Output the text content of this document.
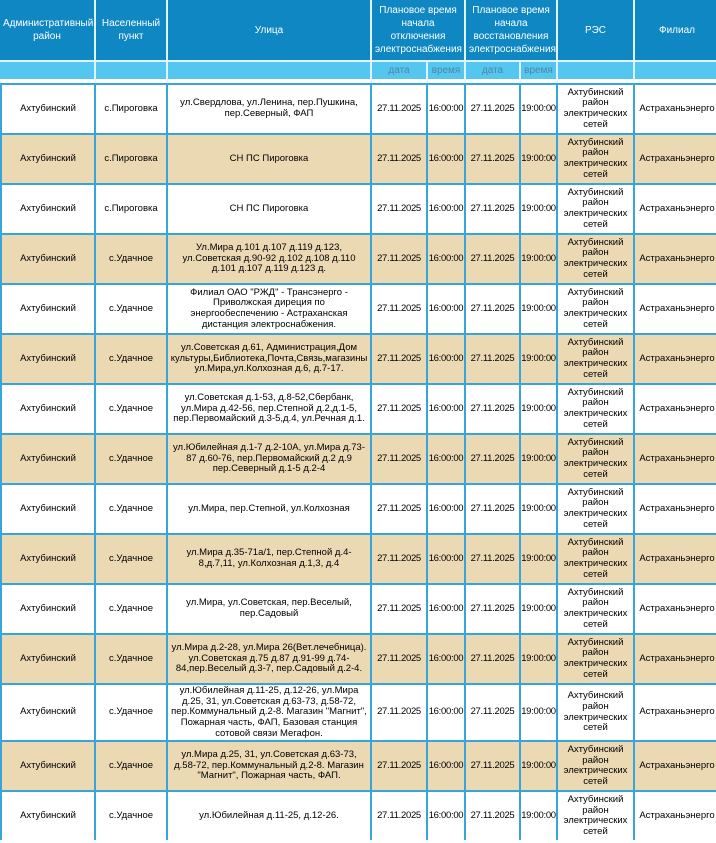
Административный район	Населенный пункт	Улица	Плановое время начала отключения электроснабжения		Плановое время начала восстановления электроснабжения		РЭС	Филиал
			дата	время	дата	время		
Ахтубинский	с.Пироговка	ул.Свердлова, ул.Ленина, пер.Пушкина, пер.Северный, ФАП	27.11.2025	16:00:00	27.11.2025	19:00:00	Ахтубинский район электрических сетей	Астраханьэнерго
Ахтубинский	с.Пироговка	СН ПС Пироговка	27.11.2025	16:00:00	27.11.2025	19:00:00	Ахтубинский район электрических сетей	Астраханьэнерго
Ахтубинский	с.Пироговка	СН ПС Пироговка	27.11.2025	16:00:00	27.11.2025	19:00:00	Ахтубинский район электрических сетей	Астраханьэнерго
Ахтубинский	с.Удачное	Ул.Мира д.101 д.107 д.119 д.123, ул.Советская д.90-92 д.102 д.108 д.110 д.101 д.107 д.119 д.123 д.	27.11.2025	16:00:00	27.11.2025	19:00:00	Ахтубинский район электрических сетей	Астраханьэнерго
Ахтубинский	с.Удачное	Филиал ОАО "РЖД" - Трансэнерго - Приволжская диреция по энергообеспечению - Астраханская дистанция электроснабжения.	27.11.2025	16:00:00	27.11.2025	19:00:00	Ахтубинский район электрических сетей	Астраханьэнерго
Ахтубинский	с.Удачное	ул.Советская д.61, Администрация,Дом культуры,Библиотека,Почта,Связь,магазины ул.Мира,ул.Колхозная д.6, д.7-17.	27.11.2025	16:00:00	27.11.2025	19:00:00	Ахтубинский район электрических сетей	Астраханьэнерго
Ахтубинский	с.Удачное	ул.Советская д.1-53, д.8-52,Сбербанк, ул.Мира д.42-56, пер.Степной д.2,д.1-5, пер.Первомайский д.3-5,д.4, ул.Речная д.1.	27.11.2025	16:00:00	27.11.2025	19:00:00	Ахтубинский район электрических сетей	Астраханьэнерго
Ахтубинский	с.Удачное	ул.Юбилейная д.1-7 д.2-10А, ул.Мира д.73-87 д.60-76, пер.Первомайский д.2 д.9 пер.Северный д.1-5 д.2-4	27.11.2025	16:00:00	27.11.2025	19:00:00	Ахтубинский район электрических сетей	Астраханьэнерго
Ахтубинский	с.Удачное	ул.Мира, пер.Степной, ул.Колхозная	27.11.2025	16:00:00	27.11.2025	19:00:00	Ахтубинский район электрических сетей	Астраханьэнерго
Ахтубинский	с.Удачное	ул.Мира д.35-71а/1, пер.Степной д.4-8,д.7,11, ул.Колхозная д.1,3, д.4	27.11.2025	16:00:00	27.11.2025	19:00:00	Ахтубинский район электрических сетей	Астраханьэнерго
Ахтубинский	с.Удачное	ул.Мира, ул.Советская, пер.Веселый, пер.Садовый	27.11.2025	16:00:00	27.11.2025	19:00:00	Ахтубинский район электрических сетей	Астраханьэнерго
Ахтубинский	с.Удачное	ул.Мира д.2-28, ул.Мира 26(Вет.лечебница). ул.Советская д.75 д.87 д.91-99 д.74-84,пер.Веселый д.3-7, пер.Садовый д.2-4.	27.11.2025	16:00:00	27.11.2025	19:00:00	Ахтубинский район электрических сетей	Астраханьэнерго
Ахтубинский	с.Удачное	ул.Юбилейная д.11-25, д.12-26, ул.Мира д.25, 31, ул.Советская д.63-73, д.58-72, пер.Коммунальный д.2-8. Магазин "Магнит", Пожарная часть, ФАП, Базовая станция сотовой связи Мегафон.	27.11.2025	16:00:00	27.11.2025	19:00:00	Ахтубинский район электрических сетей	Астраханьэнерго
Ахтубинский	с.Удачное	ул.Мира д.25, 31, ул.Советская д.63-73, д.58-72, пер.Коммунальный д.2-8. Магазин "Магнит", Пожарная часть, ФАП.	27.11.2025	16:00:00	27.11.2025	19:00:00	Ахтубинский район электрических сетей	Астраханьэнерго
Ахтубинский	с.Удачное	ул.Юбилейная д.11-25, д.12-26.	27.11.2025	16:00:00	27.11.2025	19:00:00	Ахтубинский район электрических сетей	Астраханьэнерго
